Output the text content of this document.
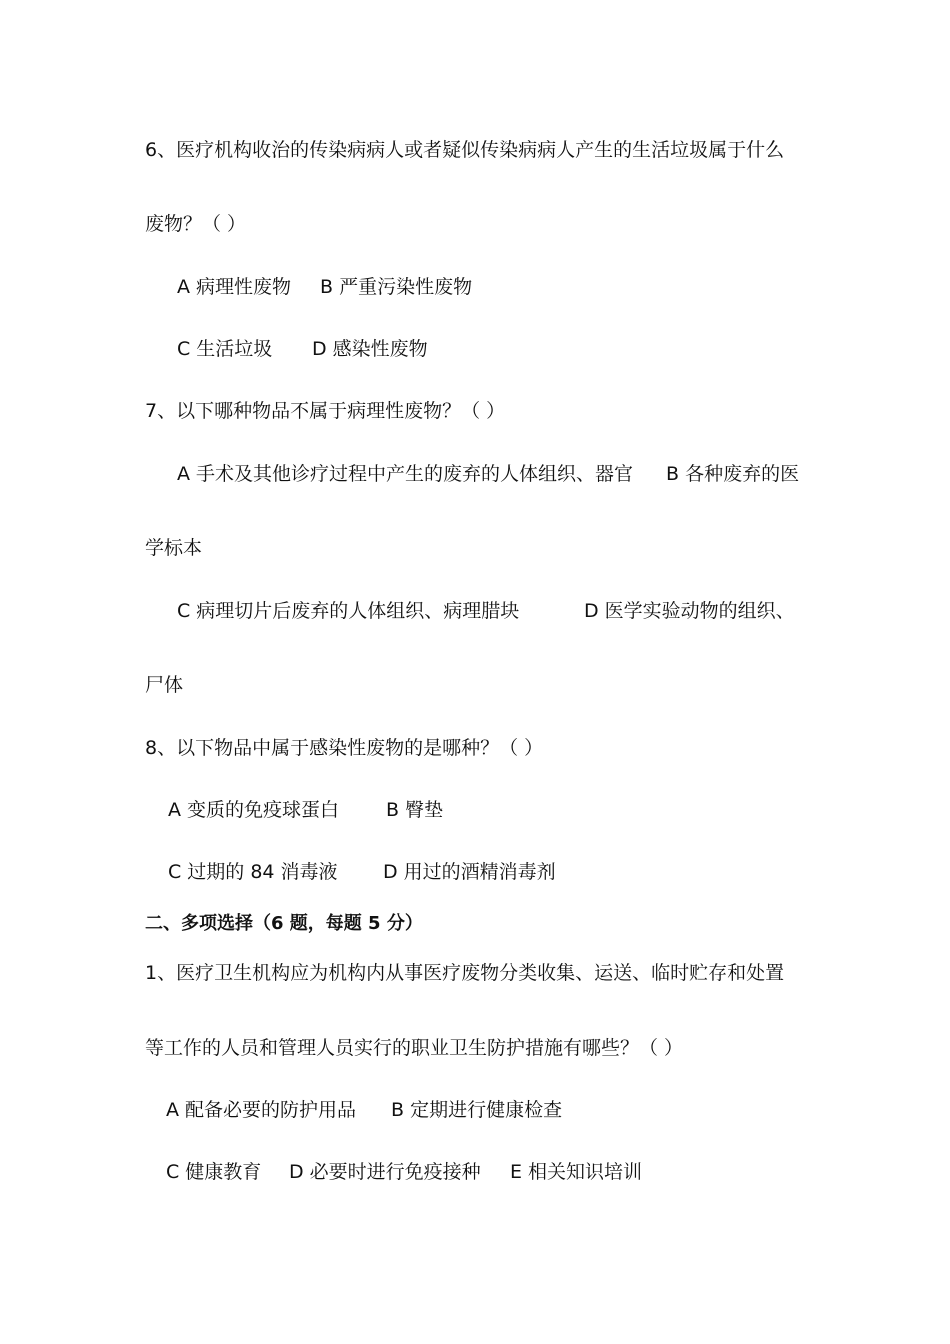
6、医疗机构收治的传染病病人或者疑似传染病病人产生的生活垃圾属于什么
废物？（ ）
A 病理性废物 B 严重污染性废物
C 生活垃圾 D 感染性废物
7、以下哪种物品不属于病理性废物？（ ）
A 手术及其他诊疗过程中产生的废弃的人体组织、器官 B 各种废弃的医
学标本
C 病理切片后废弃的人体组织、病理腊块	D 医学实验动物的组织、
尸体
8、以下物品中属于感染性废物的是哪种？（ ）
A 变质的免疫球蛋白 B 臀垫
C 过期的 84 消毒液 D 用过的酒精消毒剂
二、多项选择（6 题，每题 5 分）
1、医疗卫生机构应为机构内从事医疗废物分类收集、运送、临时贮存和处置
等工作的人员和管理人员实行的职业卫生防护措施有哪些？（ ）
A 配备必要的防护用品 B 定期进行健康检查
C 健康教育 D 必要时进行免疫接种 E 相关知识培训
